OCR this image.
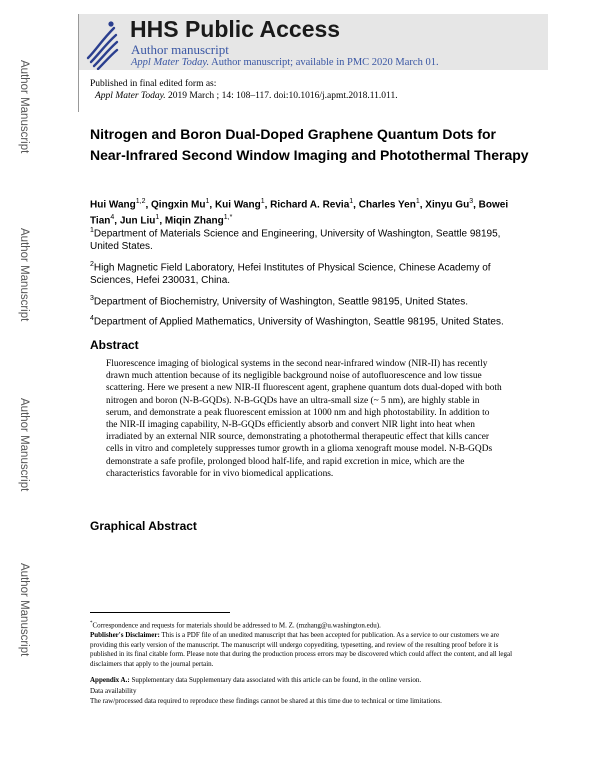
Author Manuscript
Author Manuscript
Author Manuscript
Author Manuscript
HHS Public Access
Author manuscript
Appl Mater Today. Author manuscript; available in PMC 2020 March 01.
Published in final edited form as:
Appl Mater Today. 2019 March ; 14: 108–117. doi:10.1016/j.apmt.2018.11.011.
Nitrogen and Boron Dual-Doped Graphene Quantum Dots for Near-Infrared Second Window Imaging and Photothermal Therapy
Hui Wang$^{1,2}$, Qingxin Mu$^1$, Kui Wang$^1$, Richard A. Revia$^1$, Charles Yen$^1$, Xinyu Gu$^3$, Bowei Tian$^4$, Jun Liu$^1$, Miqin Zhang$^{1,*}$
$^1$Department of Materials Science and Engineering, University of Washington, Seattle 98195, United States.
$^2$High Magnetic Field Laboratory, Hefei Institutes of Physical Science, Chinese Academy of Sciences, Hefei 230031, China.
$^3$Department of Biochemistry, University of Washington, Seattle 98195, United States.
$^4$Department of Applied Mathematics, University of Washington, Seattle 98195, United States.
Abstract
Fluorescence imaging of biological systems in the second near-infrared window (NIR-II) has recently drawn much attention because of its negligible background noise of autofluorescence and low tissue scattering. Here we present a new NIR-II fluorescent agent, graphene quantum dots dual-doped with both nitrogen and boron (N-B-GQDs). N-B-GQDs have an ultra-small size (~ 5 nm), are highly stable in serum, and demonstrate a peak fluorescent emission at 1000 nm and high photostability. In addition to the NIR-II imaging capability, N-B-GQDs efficiently absorb and convert NIR light into heat when irradiated by an external NIR source, demonstrating a photothermal therapeutic effect that kills cancer cells in vitro and completely suppresses tumor growth in a glioma xenograft mouse model. N-B-GQDs demonstrate a safe profile, prolonged blood half-life, and rapid excretion in mice, which are the characteristics favorable for in vivo biomedical applications.
Graphical Abstract
*Correspondence and requests for materials should be addressed to M. Z. (mzhang@u.washington.edu).
Publisher's Disclaimer: This is a PDF file of an unedited manuscript that has been accepted for publication. As a service to our customers we are providing this early version of the manuscript. The manuscript will undergo copyediting, typesetting, and review of the resulting proof before it is published in its final citable form. Please note that during the production process errors may be discovered which could affect the content, and all legal disclaimers that apply to the journal pertain.
Appendix A.: Supplementary data Supplementary data associated with this article can be found, in the online version.
Data availability
The raw/processed data required to reproduce these findings cannot be shared at this time due to technical or time limitations.
